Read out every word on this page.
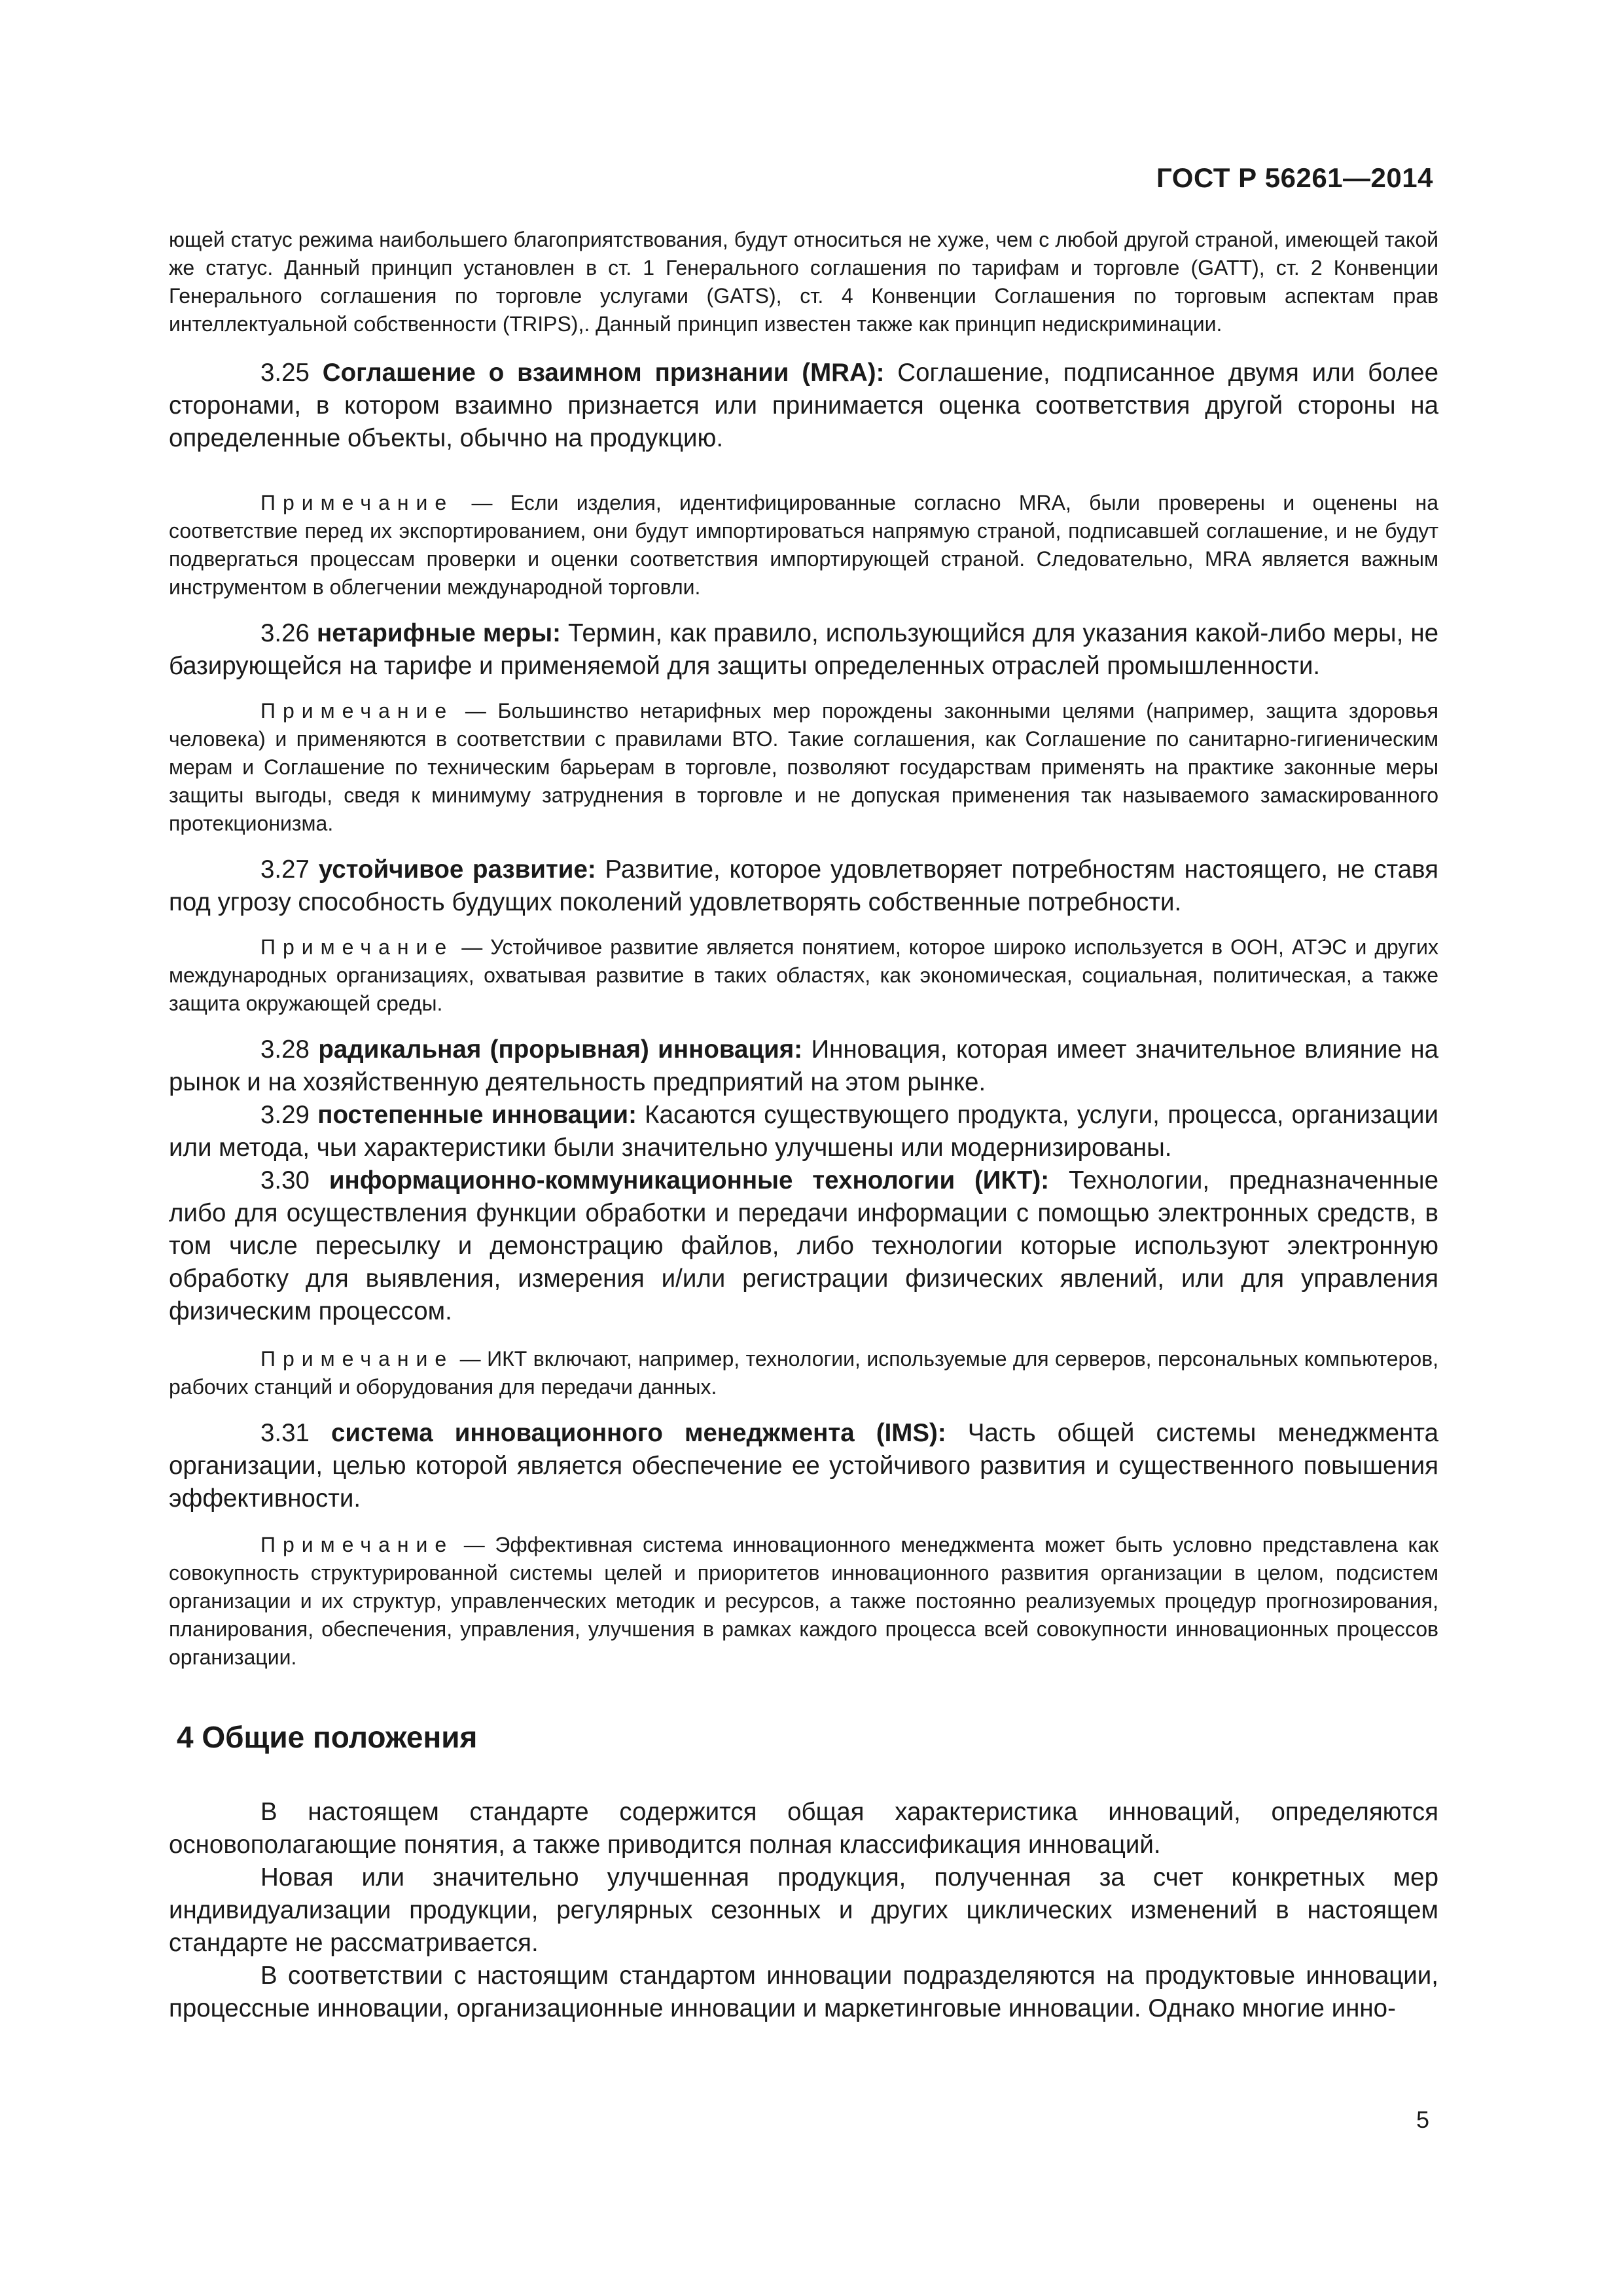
ГОСТ Р 56261—2014

ющей статус режима наибольшего благоприятствования, будут относиться не хуже, чем с любой другой страной, имеющей такой же статус. Данный принцип установлен в ст. 1 Генерального соглашения по тарифам и торговле (GATT), ст. 2 Конвенции Генерального соглашения по торговле услугами (GATS), ст. 4 Конвенции Соглашения по торговым аспектам прав интеллектуальной собственности (TRIPS),. Данный принцип известен также как принцип недискриминации.

3.25 Соглашение о взаимном признании (MRA): Соглашение, подписанное двумя или более сторонами, в котором взаимно признается или принимается оценка соответствия другой стороны на определенные объекты, обычно на продукцию.

Примечание — Если изделия, идентифицированные согласно MRA, были проверены и оценены на соответствие перед их экспортированием, они будут импортироваться напрямую страной, подписавшей соглашение, и не будут подвергаться процессам проверки и оценки соответствия импортирующей страной. Следовательно, MRA является важным инструментом в облегчении международной торговли.

3.26 нетарифные меры: Термин, как правило, использующийся для указания какой-либо меры, не базирующейся на тарифе и применяемой для защиты определенных отраслей промышленности.

Примечание — Большинство нетарифных мер порождены законными целями (например, защита здоровья человека) и применяются в соответствии с правилами ВТО. Такие соглашения, как Соглашение по санитарно-гигиеническим мерам и Соглашение по техническим барьерам в торговле, позволяют государствам применять на практике законные меры защиты выгоды, сведя к минимуму затруднения в торговле и не допуская применения так называемого замаскированного протекционизма.

3.27 устойчивое развитие: Развитие, которое удовлетворяет потребностям настоящего, не ставя под угрозу способность будущих поколений удовлетворять собственные потребности.

Примечание — Устойчивое развитие является понятием, которое широко используется в ООН, АТЭС и других международных организациях, охватывая развитие в таких областях, как экономическая, социальная, политическая, а также защита окружающей среды.

3.28 радикальная (прорывная) инновация: Инновация, которая имеет значительное влияние на рынок и на хозяйственную деятельность предприятий на этом рынке.

3.29 постепенные инновации: Касаются существующего продукта, услуги, процесса, организации или метода, чьи характеристики были значительно улучшены или модернизированы.

3.30 информационно-коммуникационные технологии (ИКТ): Технологии, предназначенные либо для осуществления функции обработки и передачи информации с помощью электронных средств, в том числе пересылку и демонстрацию файлов, либо технологии которые используют электронную обработку для выявления, измерения и/или регистрации физических явлений, или для управления физическим процессом.

Примечание — ИКТ включают, например, технологии, используемые для серверов, персональных компьютеров, рабочих станций и оборудования для передачи данных.

3.31 система инновационного менеджмента (IMS): Часть общей системы менеджмента организации, целью которой является обеспечение ее устойчивого развития и существенного повышения эффективности.

Примечание — Эффективная система инновационного менеджмента может быть условно представлена как совокупность структурированной системы целей и приоритетов инновационного развития организации в целом, подсистем организации и их структур, управленческих методик и ресурсов, а также постоянно реализуемых процедур прогнозирования, планирования, обеспечения, управления, улучшения в рамках каждого процесса всей совокупности инновационных процессов организации.

4 Общие положения

В настоящем стандарте содержится общая характеристика инноваций, определяются основополагающие понятия, а также приводится полная классификация инноваций.

Новая или значительно улучшенная продукция, полученная за счет конкретных мер индивидуализации продукции, регулярных сезонных и других циклических изменений в настоящем стандарте не рассматривается.

В соответствии с настоящим стандартом инновации подразделяются на продуктовые инновации, процессные инновации, организационные инновации и маркетинговые инновации. Однако многие инно-

5
